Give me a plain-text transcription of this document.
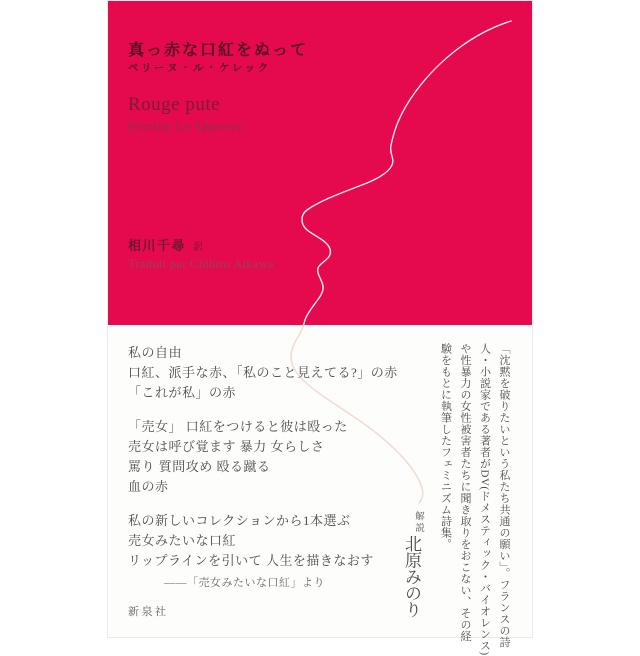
真っ赤な口紅をぬって
ペリーヌ・ル・ケレック
Rouge pute
Perrine Le Querrec
相川千尋 訳
Traduit par Chihiro Aikawa
私の自由
口紅、派手な赤、「私のこと見えてる?」の赤
「これが私」の赤
「売女」 口紅をつけると彼は殴った
売女は呼び覚ます 暴力 女らしさ
罵り 質問攻め 殴る蹴る
血の赤
私の新しいコレクションから1本選ぶ
売女みたいな口紅
リップラインを引いて 人生を描きなおす
――「売女みたいな口紅」より	「沈黙を破りたいという私たち共通の願い」。フランスの詩
人・小説家である著者がDV(ドメスティック・バイオレンス)
や性暴力の女性被害者たちに聞き取りをおこない、その経
験をもとに執筆したフェミニズム詩集。
解説
北原みのり
新泉社
